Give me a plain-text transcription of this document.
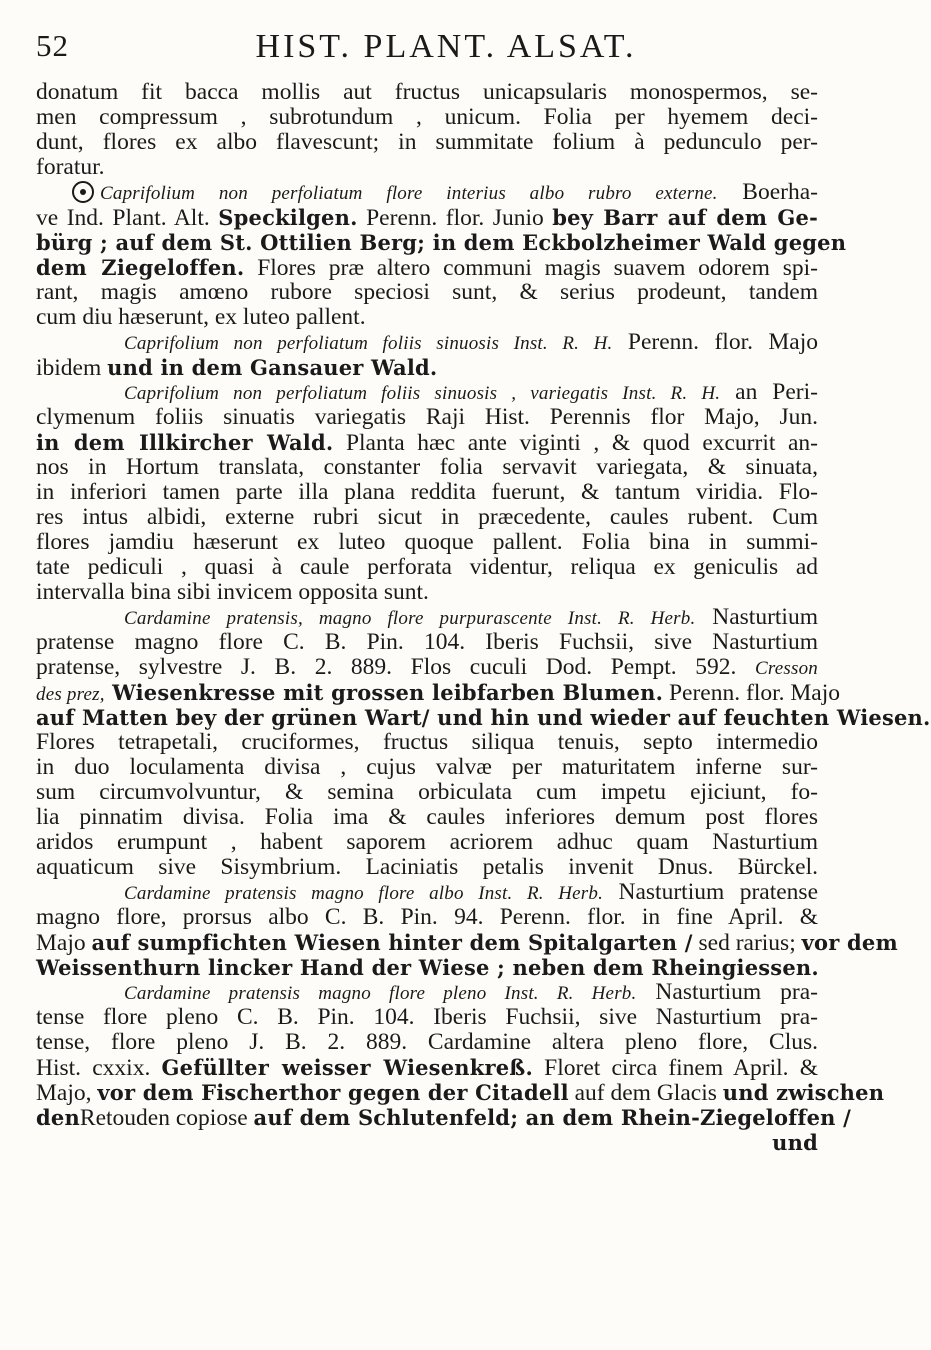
52	HIST. PLANT. ALSAT.
donatum fit bacca mollis aut fructus unicapsularis monospermos, se-
men compressum , subrotundum , unicum. Folia per hyemem deci-
dunt, flores ex albo flavescunt; in summitate folium à pedunculo per-
foratur.
Caprifolium non perfoliatum flore interius albo rubro externe. Boerha-
ve Ind. Plant. Alt. Speckilgen. Perenn. flor. Junio bey Barr auf dem Ge-
bürg ; auf dem St. Ottilien Berg; in dem Eckbolzheimer Wald gegen
dem Ziegeloffen. Flores præ altero communi magis suavem odorem spi-
rant, magis amœno rubore speciosi sunt, & serius prodeunt, tandem
cum diu hæserunt, ex luteo pallent.
Caprifolium non perfoliatum foliis sinuosis Inst. R. H. Perenn. flor. Majo
ibidem und in dem Gansauer Wald.
Caprifolium non perfoliatum foliis sinuosis , variegatis Inst. R. H. an Peri-
clymenum foliis sinuatis variegatis Raji Hist. Perennis flor Majo, Jun.
in dem Illkircher Wald. Planta hæc ante viginti , & quod excurrit an-
nos in Hortum translata, constanter folia servavit variegata, & sinuata,
in inferiori tamen parte illa plana reddita fuerunt, & tantum viridia. Flo-
res intus albidi, externe rubri sicut in præcedente, caules rubent. Cum
flores jamdiu hæserunt ex luteo quoque pallent. Folia bina in summi-
tate pediculi , quasi à caule perforata videntur, reliqua ex geniculis ad
intervalla bina sibi invicem opposita sunt.
Cardamine pratensis, magno flore purpurascente Inst. R. Herb. Nasturtium
pratense magno flore C. B. Pin. 104. Iberis Fuchsii, sive Nasturtium
pratense, sylvestre J. B. 2. 889. Flos cuculi Dod. Pempt. 592. Cresson
des prez, Wiesenkresse mit grossen leibfarben Blumen. Perenn. flor. Majo
auf Matten bey der grünen Wart/ und hin und wieder auf feuchten Wiesen.
Flores tetrapetali, cruciformes, fructus siliqua tenuis, septo intermedio
in duo loculamenta divisa , cujus valvæ per maturitatem inferne sur-
sum circumvolvuntur, & semina orbiculata cum impetu ejiciunt, fo-
lia pinnatim divisa. Folia ima & caules inferiores demum post flores
aridos erumpunt , habent saporem acriorem adhuc quam Nasturtium
aquaticum sive Sisymbrium. Laciniatis petalis invenit Dnus. Bürckel.
Cardamine pratensis magno flore albo Inst. R. Herb. Nasturtium pratense
magno flore, prorsus albo C. B. Pin. 94. Perenn. flor. in fine April. &
Majo auf sumpfichten Wiesen hinter dem Spitalgarten / sed rarius; vor dem
Weissenthurn lincker Hand der Wiese ; neben dem Rheingiessen.
Cardamine pratensis magno flore pleno Inst. R. Herb. Nasturtium pra-
tense flore pleno C. B. Pin. 104. Iberis Fuchsii, sive Nasturtium pra-
tense, flore pleno J. B. 2. 889. Cardamine altera pleno flore, Clus.
Hist. cxxix. Gefüllter weisser Wiesenkreß. Floret circa finem April. &
Majo, vor dem Fischerthor gegen der Citadell auf dem Glacis und zwischen
denRetouden copiose auf dem Schlutenfeld; an dem Rhein-Ziegeloffen /
und
